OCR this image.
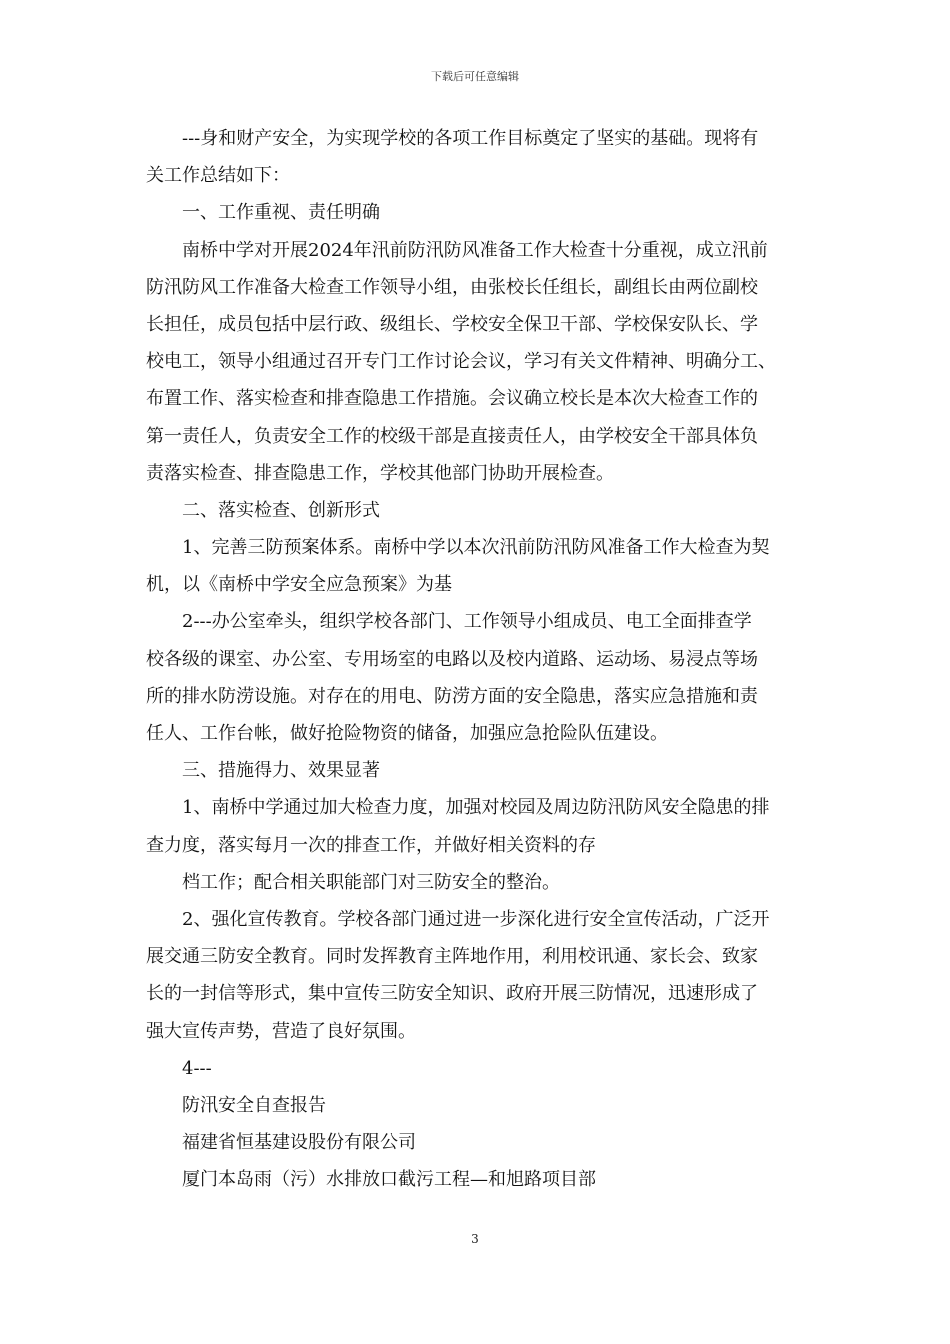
下载后可任意编辑
---身和财产安全，为实现学校的各项工作目标奠定了坚实的基础。现将有
关工作总结如下：
一、工作重视、责任明确
南桥中学对开展2024年汛前防汛防风准备工作大检查十分重视，成立汛前
防汛防风工作准备大检查工作领导小组，由张校长任组长，副组长由两位副校
长担任，成员包括中层行政、级组长、学校安全保卫干部、学校保安队长、学
校电工，领导小组通过召开专门工作讨论会议，学习有关文件精神、明确分工、
布置工作、落实检查和排查隐患工作措施。会议确立校长是本次大检查工作的
第一责任人，负责安全工作的校级干部是直接责任人，由学校安全干部具体负
责落实检查、排查隐患工作，学校其他部门协助开展检查。
二、落实检查、创新形式
1、完善三防预案体系。南桥中学以本次汛前防汛防风准备工作大检查为契
机，以《南桥中学安全应急预案》为基
2---办公室牵头，组织学校各部门、工作领导小组成员、电工全面排查学
校各级的课室、办公室、专用场室的电路以及校内道路、运动场、易浸点等场
所的排水防涝设施。对存在的用电、防涝方面的安全隐患，落实应急措施和责
任人、工作台帐，做好抢险物资的储备，加强应急抢险队伍建设。
三、措施得力、效果显著
1、南桥中学通过加大检查力度，加强对校园及周边防汛防风安全隐患的排
查力度，落实每月一次的排查工作，并做好相关资料的存
档工作；配合相关职能部门对三防安全的整治。
2、强化宣传教育。学校各部门通过进一步深化进行安全宣传活动，广泛开
展交通三防安全教育。同时发挥教育主阵地作用，利用校讯通、家长会、致家
长的一封信等形式，集中宣传三防安全知识、政府开展三防情况，迅速形成了
强大宣传声势，营造了良好氛围。
4---
防汛安全自查报告
福建省恒基建设股份有限公司
厦门本岛雨（污）水排放口截污工程—和旭路项目部
3
